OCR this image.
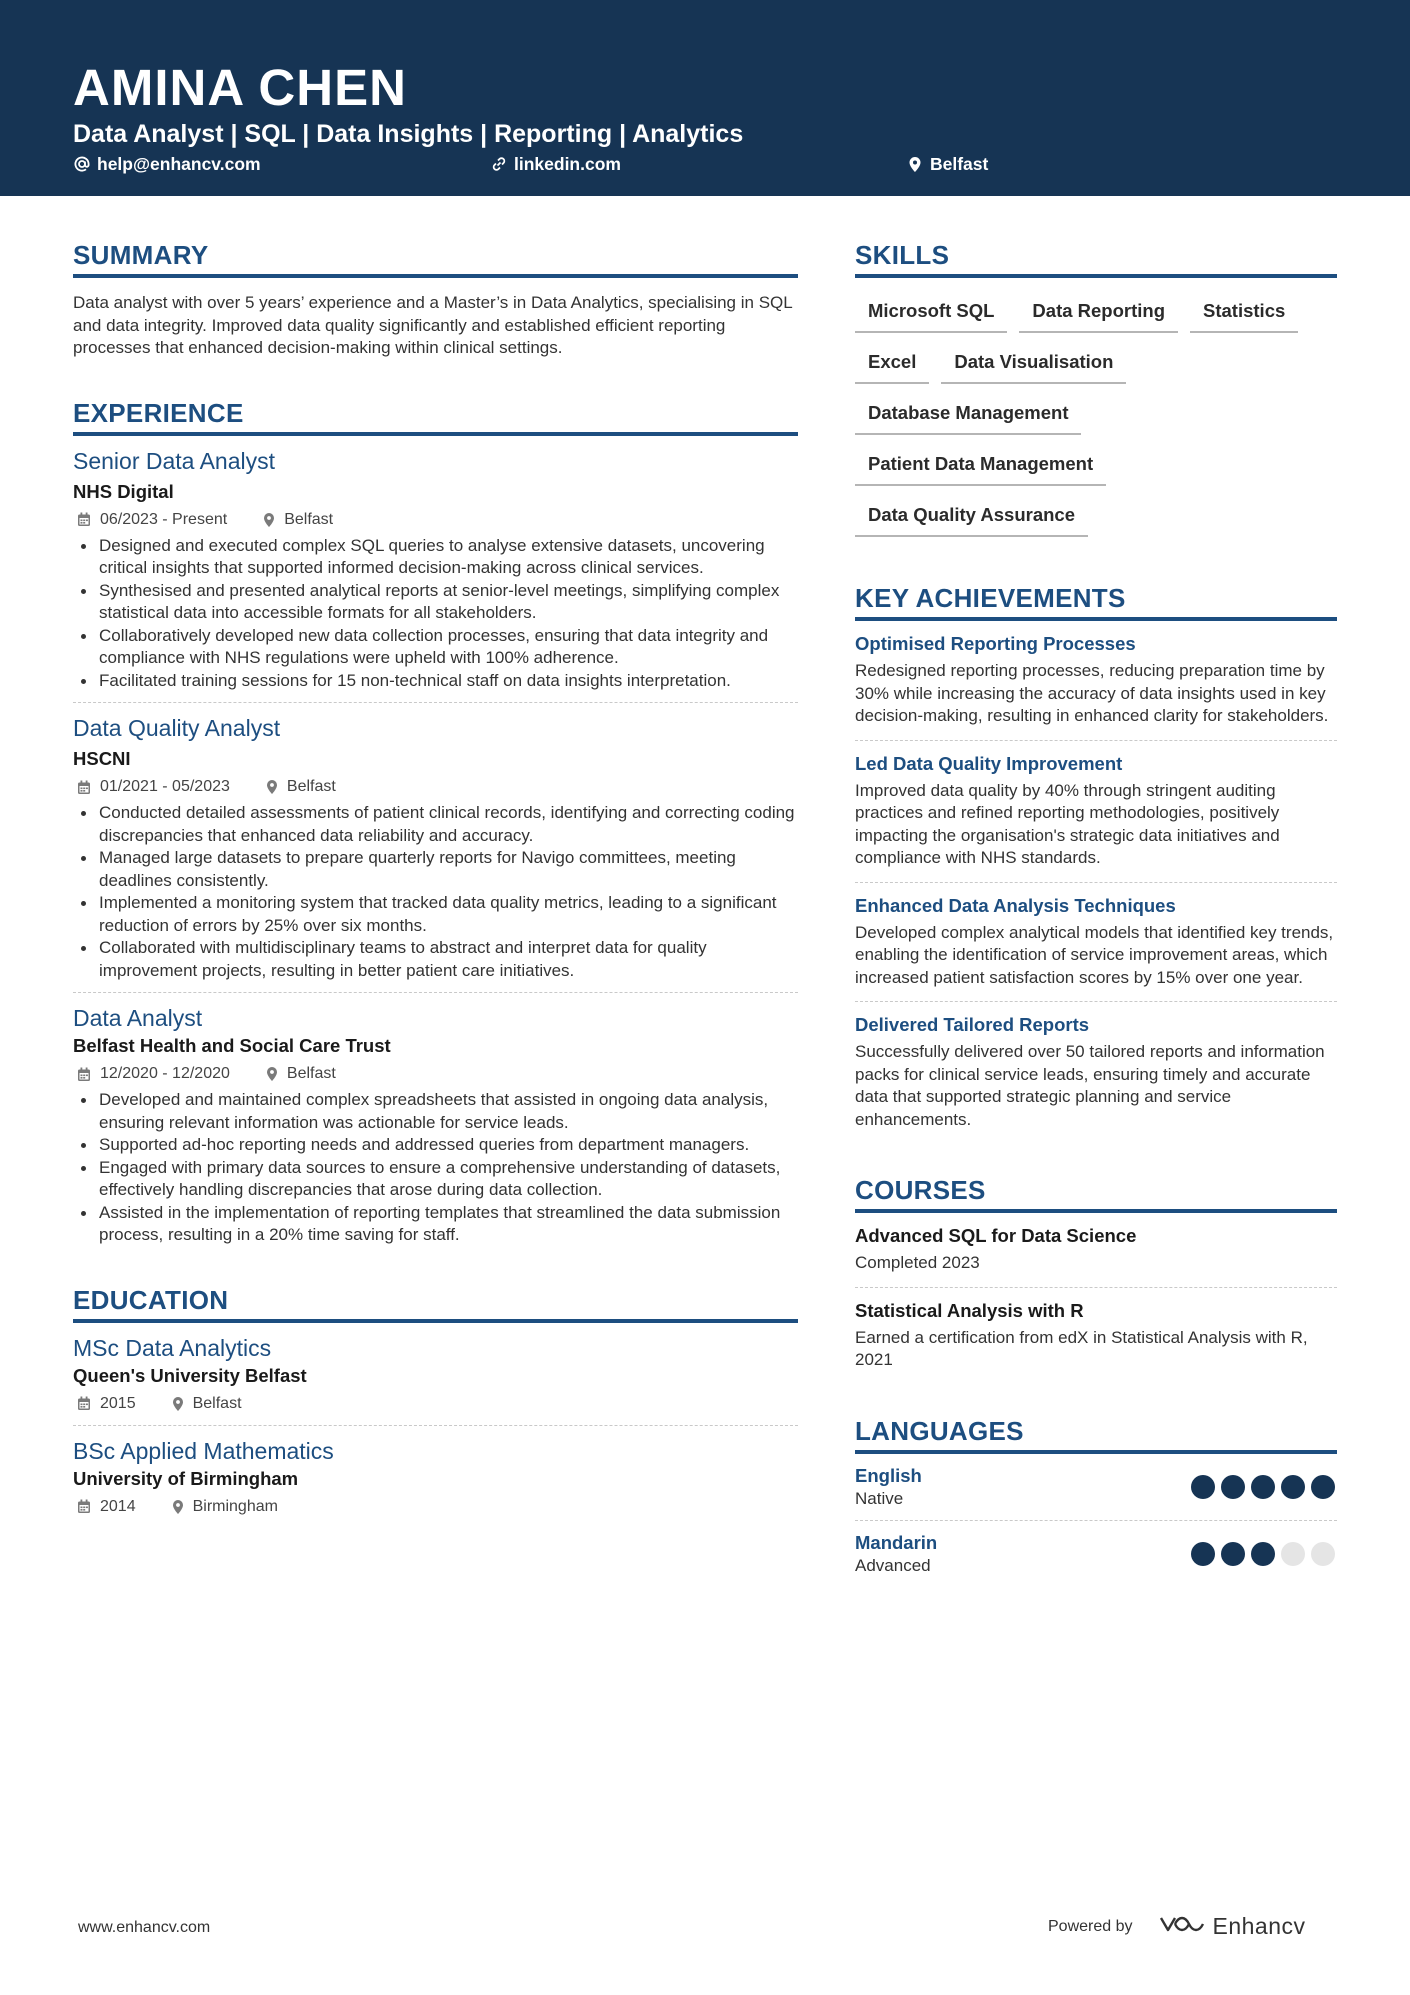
AMINA CHEN
Data Analyst | SQL | Data Insights | Reporting | Analytics
help@enhancv.com	linkedin.com	Belfast
SUMMARY
Data analyst with over 5 years’ experience and a Master’s in Data Analytics, specialising in SQL and data integrity. Improved data quality significantly and established efficient reporting processes that enhanced decision-making within clinical settings.
EXPERIENCE
Senior Data Analyst
NHS Digital
06/2023 - Present	Belfast
Designed and executed complex SQL queries to analyse extensive datasets, uncovering critical insights that supported informed decision-making across clinical services.
Synthesised and presented analytical reports at senior-level meetings, simplifying complex statistical data into accessible formats for all stakeholders.
Collaboratively developed new data collection processes, ensuring that data integrity and compliance with NHS regulations were upheld with 100% adherence.
Facilitated training sessions for 15 non-technical staff on data insights interpretation.
Data Quality Analyst
HSCNI
01/2021 - 05/2023	Belfast
Conducted detailed assessments of patient clinical records, identifying and correcting coding discrepancies that enhanced data reliability and accuracy.
Managed large datasets to prepare quarterly reports for Navigo committees, meeting deadlines consistently.
Implemented a monitoring system that tracked data quality metrics, leading to a significant reduction of errors by 25% over six months.
Collaborated with multidisciplinary teams to abstract and interpret data for quality improvement projects, resulting in better patient care initiatives.
Data Analyst
Belfast Health and Social Care Trust
12/2020 - 12/2020	Belfast
Developed and maintained complex spreadsheets that assisted in ongoing data analysis, ensuring relevant information was actionable for service leads.
Supported ad-hoc reporting needs and addressed queries from department managers.
Engaged with primary data sources to ensure a comprehensive understanding of datasets, effectively handling discrepancies that arose during data collection.
Assisted in the implementation of reporting templates that streamlined the data submission process, resulting in a 20% time saving for staff.
EDUCATION
MSc Data Analytics
Queen's University Belfast
2015	Belfast
BSc Applied Mathematics
University of Birmingham
2014	Birmingham
SKILLS
Microsoft SQL	Data Reporting	Statistics
Excel	Data Visualisation
Database Management
Patient Data Management
Data Quality Assurance
KEY ACHIEVEMENTS
Optimised Reporting Processes
Redesigned reporting processes, reducing preparation time by 30% while increasing the accuracy of data insights used in key decision-making, resulting in enhanced clarity for stakeholders.
Led Data Quality Improvement
Improved data quality by 40% through stringent auditing practices and refined reporting methodologies, positively impacting the organisation's strategic data initiatives and compliance with NHS standards.
Enhanced Data Analysis Techniques
Developed complex analytical models that identified key trends, enabling the identification of service improvement areas, which increased patient satisfaction scores by 15% over one year.
Delivered Tailored Reports
Successfully delivered over 50 tailored reports and information packs for clinical service leads, ensuring timely and accurate data that supported strategic planning and service enhancements.
COURSES
Advanced SQL for Data Science
Completed 2023
Statistical Analysis with R
Earned a certification from edX in Statistical Analysis with R, 2021
LANGUAGES
English
Native
Mandarin
Advanced
www.enhancv.com	Powered by	Enhancv
